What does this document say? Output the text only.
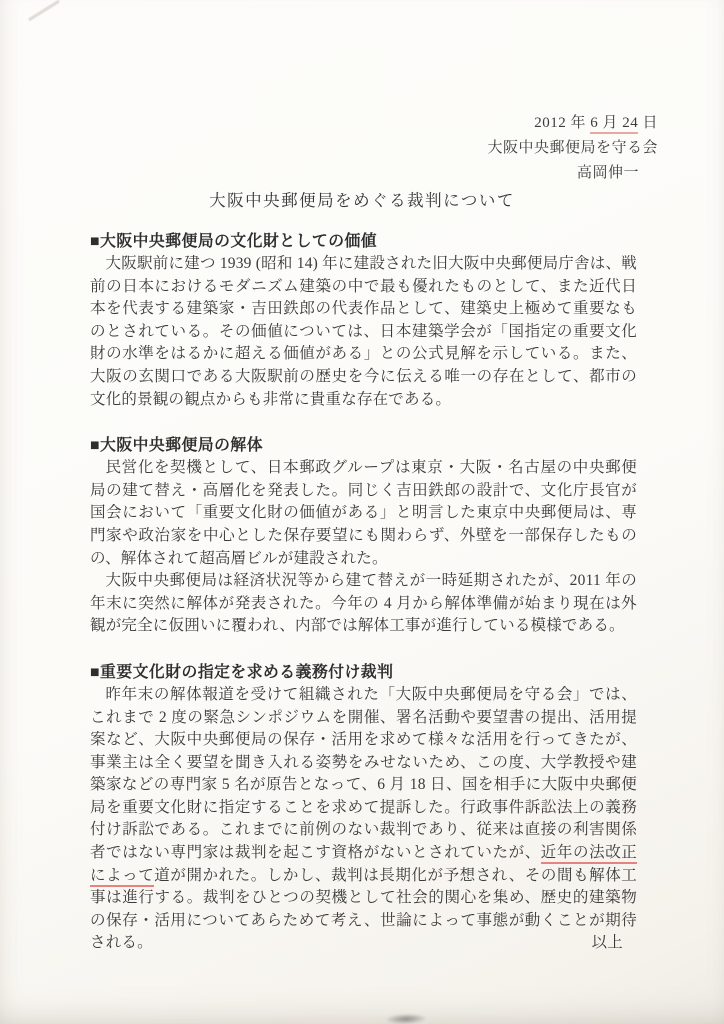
2012 年 6 月 24 日
大阪中央郵便局を守る会
高岡伸一
大阪中央郵便局をめぐる裁判について
■大阪中央郵便局の文化財としての価値

大阪駅前に建つ 1939 (昭和 14) 年に建設された旧大阪中央郵便局庁舎は、戦前の日本におけるモダニズム建築の中で最も優れたものとして、また近代日本を代表する建築家・吉田鉄郎の代表作品として、建築史上極めて重要なものとされている。その価値については、日本建築学会が「国指定の重要文化財の水準をはるかに超える価値がある」との公式見解を示している。また、大阪の玄関口である大阪駅前の歴史を今に伝える唯一の存在として、都市の文化的景観の観点からも非常に貴重な存在である。

■大阪中央郵便局の解体

民営化を契機として、日本郵政グループは東京・大阪・名古屋の中央郵便局の建て替え・高層化を発表した。同じく吉田鉄郎の設計で、文化庁長官が国会において「重要文化財の価値がある」と明言した東京中央郵便局は、専門家や政治家を中心とした保存要望にも関わらず、外壁を一部保存したものの、解体されて超高層ビルが建設された。

大阪中央郵便局は経済状況等から建て替えが一時延期されたが、2011 年の年末に突然に解体が発表された。今年の 4 月から解体準備が始まり現在は外観が完全に仮囲いに覆われ、内部では解体工事が進行している模様である。

■重要文化財の指定を求める義務付け裁判

昨年末の解体報道を受けて組織された「大阪中央郵便局を守る会」では、これまで 2 度の緊急シンポジウムを開催、署名活動や要望書の提出、活用提案など、大阪中央郵便局の保存・活用を求めて様々な活用を行ってきたが、事業主は全く要望を聞き入れる姿勢をみせないため、この度、大学教授や建築家などの専門家 5 名が原告となって、6 月 18 日、国を相手に大阪中央郵便局を重要文化財に指定することを求めて提訴した。行政事件訴訟法上の義務付け訴訟である。これまでに前例のない裁判であり、従来は直接の利害関係者ではない専門家は裁判を起こす資格がないとされていたが、近年の法改正によって道が開かれた。しかし、裁判は長期化が予想され、その間も解体工事は進行する。裁判をひとつの契機として社会的関心を集め、歴史的建築物の保存・活用についてあらためて考え、世論によって事態が動くことが期待される。	以上
